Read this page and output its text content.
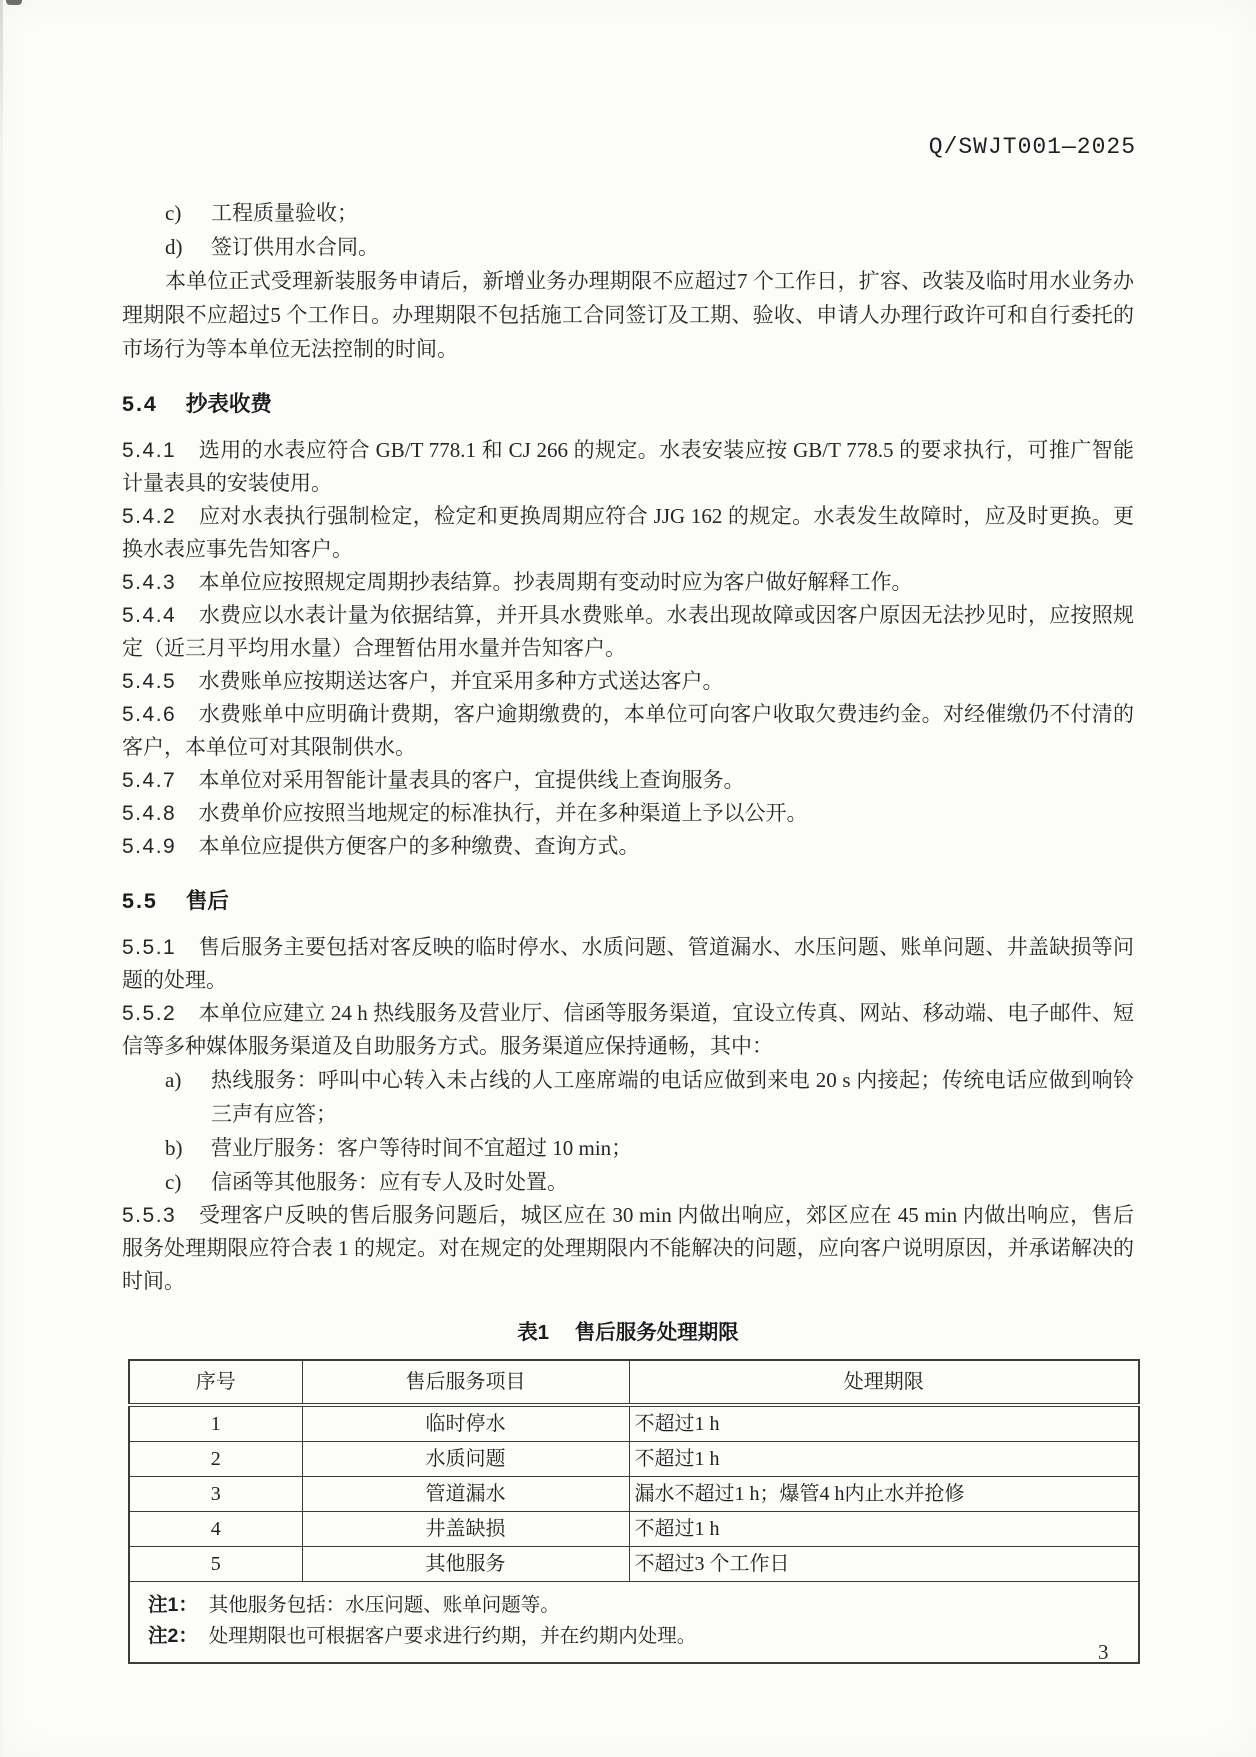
Q/SWJT001—2025
c) 工程质量验收；
d) 签订供用水合同。

本单位正式受理新装服务申请后，新增业务办理期限不应超过7 个工作日，扩容、改装及临时用水业务办理期限不应超过5 个工作日。办理期限不包括施工合同签订及工期、验收、申请人办理行政许可和自行委托的市场行为等本单位无法控制的时间。

5.4 抄表收费

5.4.1 选用的水表应符合 GB/T 778.1 和 CJ 266 的规定。水表安装应按 GB/T 778.5 的要求执行，可推广智能计量表具的安装使用。

5.4.2 应对水表执行强制检定，检定和更换周期应符合 JJG 162 的规定。水表发生故障时，应及时更换。更换水表应事先告知客户。

5.4.3 本单位应按照规定周期抄表结算。抄表周期有变动时应为客户做好解释工作。

5.4.4 水费应以水表计量为依据结算，并开具水费账单。水表出现故障或因客户原因无法抄见时，应按照规定（近三月平均用水量）合理暂估用水量并告知客户。

5.4.5 水费账单应按期送达客户，并宜采用多种方式送达客户。

5.4.6 水费账单中应明确计费期，客户逾期缴费的，本单位可向客户收取欠费违约金。对经催缴仍不付清的客户，本单位可对其限制供水。

5.4.7 本单位对采用智能计量表具的客户，宜提供线上查询服务。

5.4.8 水费单价应按照当地规定的标准执行，并在多种渠道上予以公开。

5.4.9 本单位应提供方便客户的多种缴费、查询方式。

5.5 售后

5.5.1 售后服务主要包括对客反映的临时停水、水质问题、管道漏水、水压问题、账单问题、井盖缺损等问题的处理。

5.5.2 本单位应建立 24 h 热线服务及营业厅、信函等服务渠道，宜设立传真、网站、移动端、电子邮件、短信等多种媒体服务渠道及自助服务方式。服务渠道应保持通畅，其中：

a) 热线服务：呼叫中心转入未占线的人工座席端的电话应做到来电 20 s 内接起；传统电话应做到响铃三声有应答；
b) 营业厅服务：客户等待时间不宜超过 10 min；
c) 信函等其他服务：应有专人及时处置。

5.5.3 受理客户反映的售后服务问题后，城区应在 30 min 内做出响应，郊区应在 45 min 内做出响应，售后服务处理期限应符合表 1 的规定。对在规定的处理期限内不能解决的问题，应向客户说明原因，并承诺解决的时间。

表1 售后服务处理期限
序号	售后服务项目	处理期限
1	临时停水	不超过1 h
2	水质问题	不超过1 h
3	管道漏水	漏水不超过1 h；爆管4 h内止水并抢修
4	井盖缺损	不超过1 h
5	其他服务	不超过3 个工作日

注1： 其他服务包括：水压问题、账单问题等。
注2： 处理期限也可根据客户要求进行约期，并在约期内处理。		
3
